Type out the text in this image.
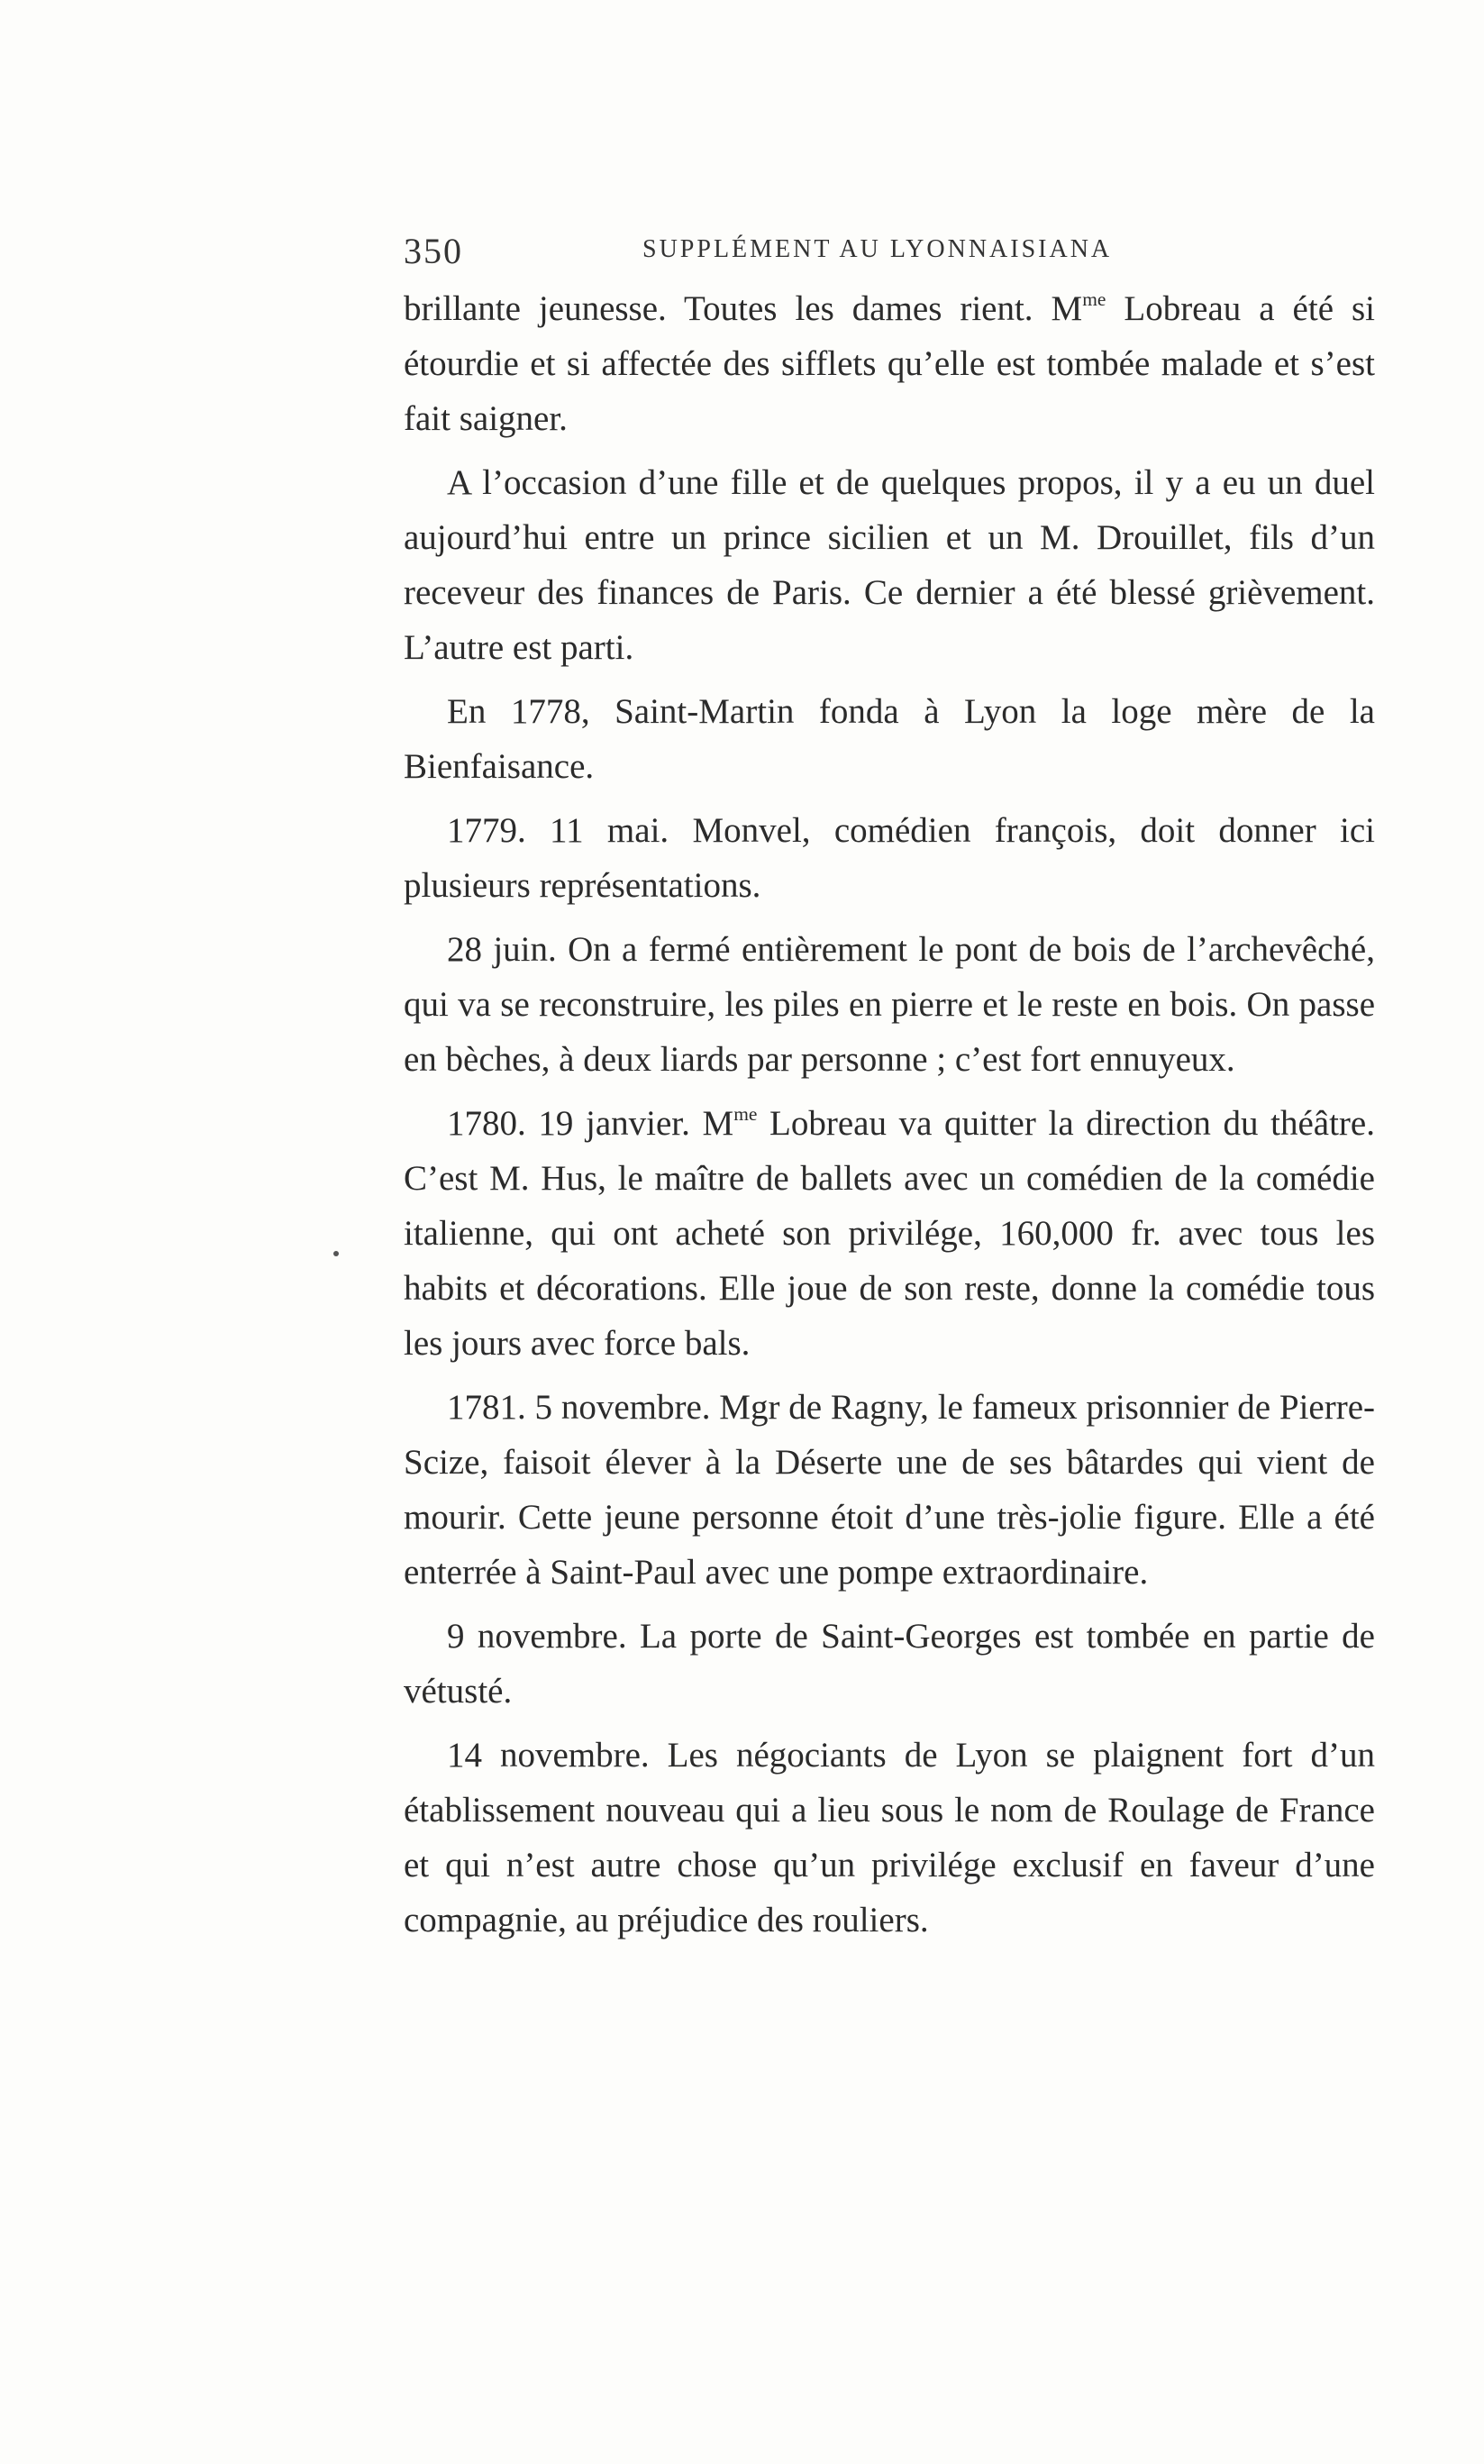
350	SUPPLÉMENT AU LYONNAISIANA

brillante jeunesse. Toutes les dames rient. $M^{me}$ Lobreau a été si étourdie et si affectée des sifflets qu’elle est tombée malade et s’est fait saigner.

A l’occasion d’une fille et de quelques propos, il y a eu un duel aujourd’hui entre un prince sicilien et un M. Drouillet, fils d’un receveur des finances de Paris. Ce dernier a été blessé grièvement. L’autre est parti.

En 1778, Saint-Martin fonda à Lyon la loge mère de la Bienfaisance.

1779. 11 mai. Monvel, comédien françois, doit donner ici plusieurs représentations.

28 juin. On a fermé entièrement le pont de bois de l’archevêché, qui va se reconstruire, les piles en pierre et le reste en bois. On passe en bèches, à deux liards par personne ; c’est fort ennuyeux.

1780. 19 janvier. $M^{me}$ Lobreau va quitter la direction du théâtre. C’est M. Hus, le maître de ballets avec un comédien de la comédie italienne, qui ont acheté son privilége, 160,000 fr. avec tous les habits et décorations. Elle joue de son reste, donne la comédie tous les jours avec force bals.

1781. 5 novembre. Mgr de Ragny, le fameux prisonnier de Pierre-Scize, faisoit élever à la Déserte une de ses bâtardes qui vient de mourir. Cette jeune personne étoit d’une très-jolie figure. Elle a été enterrée à Saint-Paul avec une pompe extraordinaire.

9 novembre. La porte de Saint-Georges est tombée en partie de vétusté.

14 novembre. Les négociants de Lyon se plaignent fort d’un établissement nouveau qui a lieu sous le nom de Roulage de France et qui n’est autre chose qu’un privilége exclusif en faveur d’une compagnie, au préjudice des rouliers.
